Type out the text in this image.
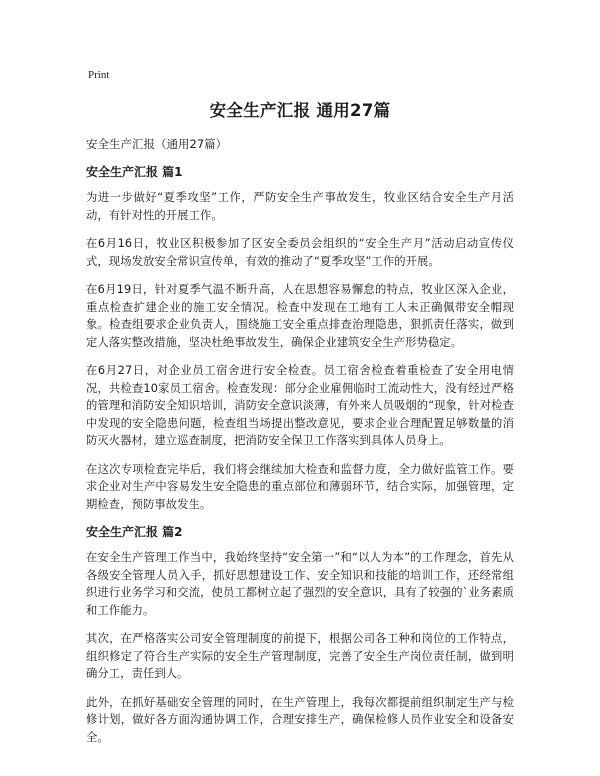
Print
安全生产汇报 通用27篇
安全生产汇报（通用27篇）
安全生产汇报 篇1

为进一步做好“夏季攻坚”工作，严防安全生产事故发生，牧业区结合安全生产月活动，有针对性的开展工作。

在6月16日，牧业区积极参加了区安全委员会组织的“安全生产月”活动启动宣传仪式，现场发放安全常识宣传单，有效的推动了“夏季攻坚”工作的开展。

在6月19日，针对夏季气温不断升高，人在思想容易懈怠的特点，牧业区深入企业，重点检查扩建企业的施工安全情况。检查中发现在工地有工人未正确佩带安全帽现象。检查组要求企业负责人，围绕施工安全重点排查治理隐患，狠抓责任落实，做到定人落实整改措施，坚决杜绝事故发生，确保企业建筑安全生产形势稳定。

在6月27日，对企业员工宿舍进行安全检查。员工宿舍检查着重检查了安全用电情况，共检查10家员工宿舍。检查发现：部分企业雇佣临时工流动性大，没有经过严格的管理和消防安全知识培训，消防安全意识淡薄，有外来人员吸烟的“现象，针对检查中发现的安全隐患问题，检查组当场提出整改意见，要求企业合理配置足够数量的消防灭火器材，建立巡查制度，把消防安全保卫工作落实到具体人员身上。

在这次专项检查完毕后，我们将会继续加大检查和监督力度，全力做好监管工作。要求企业对生产中容易发生安全隐患的重点部位和薄弱环节，结合实际，加强管理，定期检查，预防事故发生。

安全生产汇报 篇2

在安全生产管理工作当中，我始终坚持“安全第一”和“以人为本”的工作理念，首先从各级安全管理人员入手，抓好思想建设工作、安全知识和技能的培训工作，还经常组织进行业务学习和交流，使员工都树立起了强烈的安全意识，具有了较强的`业务素质和工作能力。

其次，在严格落实公司安全管理制度的前提下，根据公司各工种和岗位的工作特点，组织修定了符合生产实际的安全生产管理制度，完善了安全生产岗位责任制，做到明确分工，责任到人。

此外，在抓好基础安全管理的同时，在生产管理上，我每次都提前组织制定生产与检修计划，做好各方面沟通协调工作，合理安排生产，确保检修人员作业安全和设备安全。
